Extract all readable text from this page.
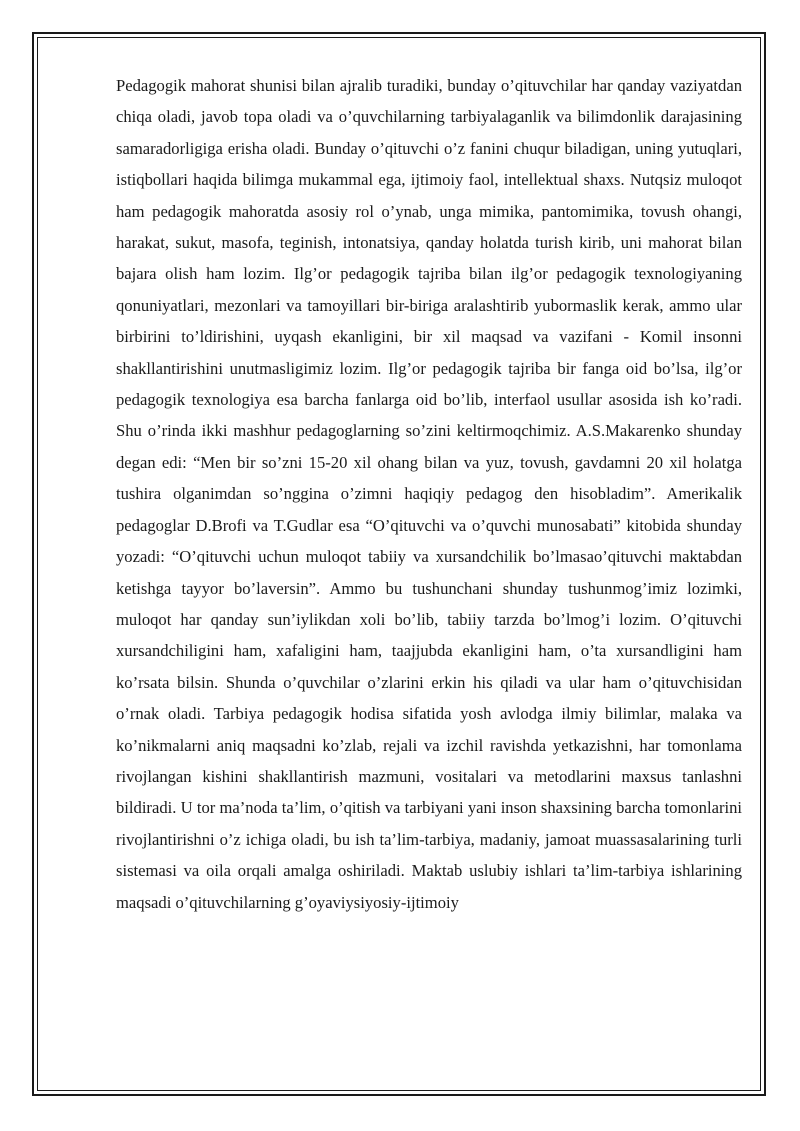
Pedagogik mahorat shunisi bilan ajralib turadiki, bunday o’qituvchilar har qanday vaziyatdan chiqa oladi, javob topa oladi va o’quvchilarning tarbiyalaganlik va bilimdonlik darajasining samaradorligiga erisha oladi. Bunday o’qituvchi o’z fanini chuqur biladigan, uning yutuqlari, istiqbollari haqida bilimga mukammal ega, ijtimoiy faol, intellektual shaxs. Nutqsiz muloqot ham pedagogik mahoratda asosiy rol o’ynab, unga mimika, pantomimika, tovush ohangi, harakat, sukut, masofa, teginish, intonatsiya, qanday holatda turish kirib, uni mahorat bilan bajara olish ham lozim. Ilg’or pedagogik tajriba bilan ilg’or pedagogik texnologiyaning qonuniyatlari, mezonlari va tamoyillari bir-biriga aralashtirib yubormaslik kerak, ammo ular birbirini to’ldirishini, uyqash ekanligini, bir xil maqsad va vazifani - Komil insonni shakllantirishini unutmasligimiz lozim. Ilg’or pedagogik tajriba bir fanga oid bo’lsa, ilg’or pedagogik texnologiya esa barcha fanlarga oid bo’lib, interfaol usullar asosida ish ko’radi. Shu o’rinda ikki mashhur pedagoglarning so’zini keltirmoqchimiz. A.S.Makarenko shunday degan edi: “Men bir so’zni 15-20 xil ohang bilan va yuz, tovush, gavdamni 20 xil holatga tushira olganimdan so’nggina o’zimni haqiqiy pedagog den hisobladim”. Amerikalik pedagoglar D.Brofi va T.Gudlar esa “O’qituvchi va o’quvchi munosabati” kitobida shunday yozadi: “O’qituvchi uchun muloqot tabiiy va xursandchilik bo’lmasao’qituvchi maktabdan ketishga tayyor bo’laversin”. Ammo bu tushunchani shunday tushunmog’imiz lozimki, muloqot har qanday sun’iylikdan xoli bo’lib, tabiiy tarzda bo’lmog’i lozim. O’qituvchi xursandchiligini ham, xafaligini ham, taajjubda ekanligini ham, o’ta xursandligini ham ko’rsata bilsin. Shunda o’quvchilar o’zlarini erkin his qiladi va ular ham o’qituvchisidan o’rnak oladi. Tarbiya pedagogik hodisa sifatida yosh avlodga ilmiy bilimlar, malaka va ko’nikmalarni aniq maqsadni ko’zlab, rejali va izchil ravishda yetkazishni, har tomonlama rivojlangan kishini shakllantirish mazmuni, vositalari va metodlarini maxsus tanlashni bildiradi. U tor ma’noda ta’lim, o’qitish va tarbiyani yani inson shaxsining barcha tomonlarini rivojlantirishni o’z ichiga oladi, bu ish ta’lim-tarbiya, madaniy, jamoat muassasalarining turli sistemasi va oila orqali amalga oshiriladi. Maktab uslubiy ishlari ta’lim-tarbiya ishlarining maqsadi o’qituvchilarning g’oyaviysiyosiy-ijtimoiy
